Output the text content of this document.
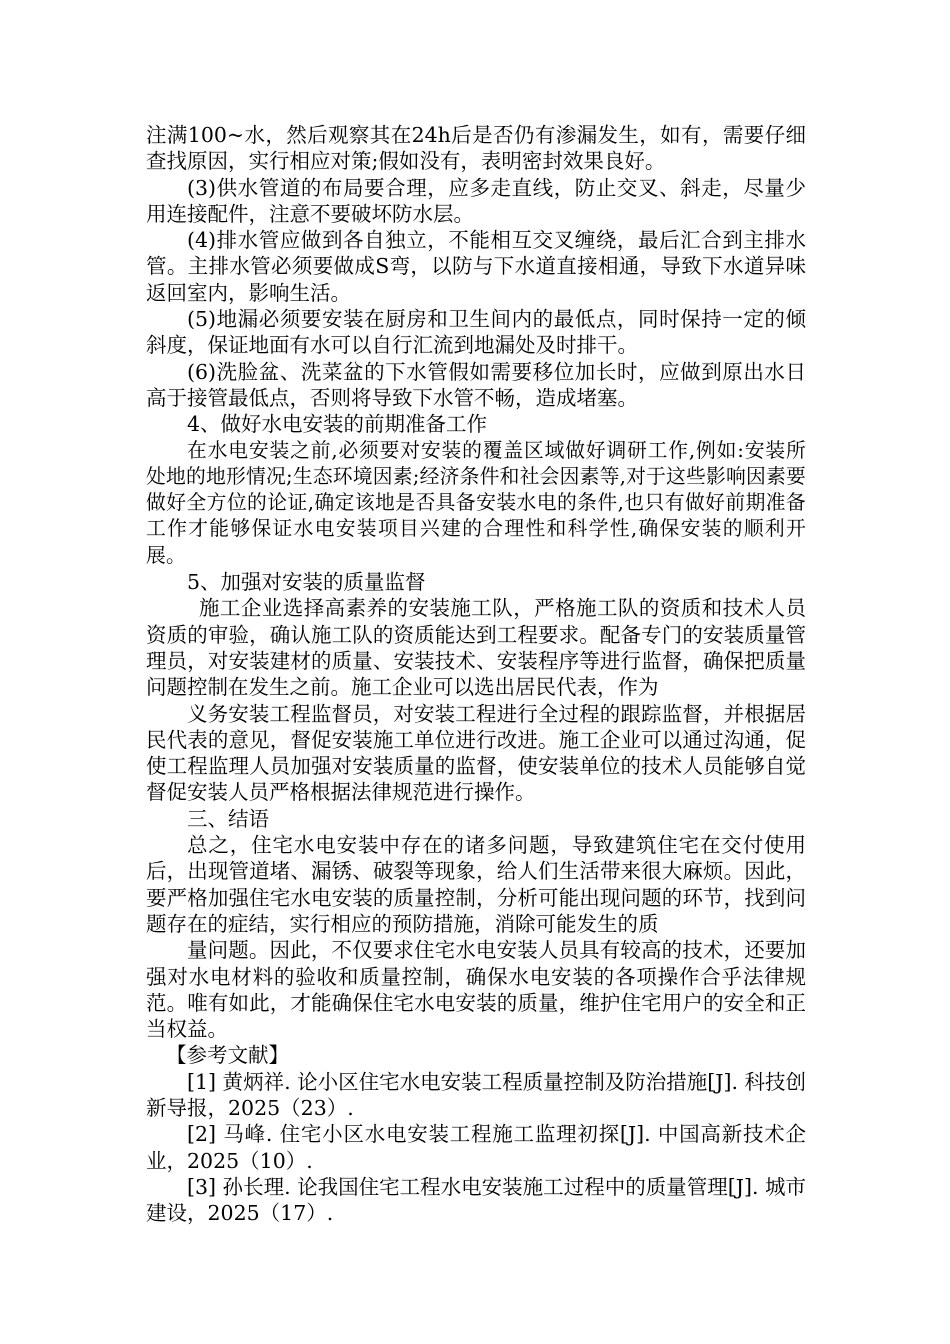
注满100~水，然后观察其在24h后是否仍有渗漏发生，如有，需要仔细查找原因，实行相应对策;假如没有，表明密封效果良好。

(3)供水管道的布局要合理，应多走直线，防止交叉、斜走，尽量少用连接配件，注意不要破坏防水层。

(4)排水管应做到各自独立，不能相互交叉缠绕，最后汇合到主排水管。主排水管必须要做成S弯，以防与下水道直接相通，导致下水道异味返回室内，影响生活。

(5)地漏必须要安装在厨房和卫生间内的最低点，同时保持一定的倾斜度，保证地面有水可以自行汇流到地漏处及时排干。

(6)洗脸盆、洗菜盆的下水管假如需要移位加长时，应做到原出水日高于接管最低点，否则将导致下水管不畅，造成堵塞。

4、做好水电安装的前期准备工作

在水电安装之前,必须要对安装的覆盖区域做好调研工作,例如:安装所处地的地形情况;生态环境因素;经济条件和社会因素等,对于这些影响因素要做好全方位的论证,确定该地是否具备安装水电的条件,也只有做好前期准备工作才能够保证水电安装项目兴建的合理性和科学性,确保安装的顺利开展。

5、加强对安装的质量监督

施工企业选择高素养的安装施工队，严格施工队的资质和技术人员资质的审验，确认施工队的资质能达到工程要求。配备专门的安装质量管理员，对安装建材的质量、安装技术、安装程序等进行监督，确保把质量问题控制在发生之前。施工企业可以选出居民代表，作为

义务安装工程监督员，对安装工程进行全过程的跟踪监督，并根据居民代表的意见，督促安装施工单位进行改进。施工企业可以通过沟通，促使工程监理人员加强对安装质量的监督，使安装单位的技术人员能够自觉督促安装人员严格根据法律规范进行操作。

三、结语

总之，住宅水电安装中存在的诸多问题，导致建筑住宅在交付使用后，出现管道堵、漏锈、破裂等现象，给人们生活带来很大麻烦。因此，要严格加强住宅水电安装的质量控制，分析可能出现问题的环节，找到问题存在的症结，实行相应的预防措施，消除可能发生的质

量问题。因此，不仅要求住宅水电安装人员具有较高的技术，还要加强对水电材料的验收和质量控制，确保水电安装的各项操作合乎法律规范。唯有如此，才能确保住宅水电安装的质量，维护住宅用户的安全和正当权益。

【参考文献】

[1] 黄炳祥. 论小区住宅水电安装工程质量控制及防治措施[J]. 科技创新导报，2025（23）.

[2] 马峰. 住宅小区水电安装工程施工监理初探[J]. 中国高新技术企业，2025（10）.

[3] 孙长理. 论我国住宅工程水电安装施工过程中的质量管理[J]. 城市建设，2025（17）.
